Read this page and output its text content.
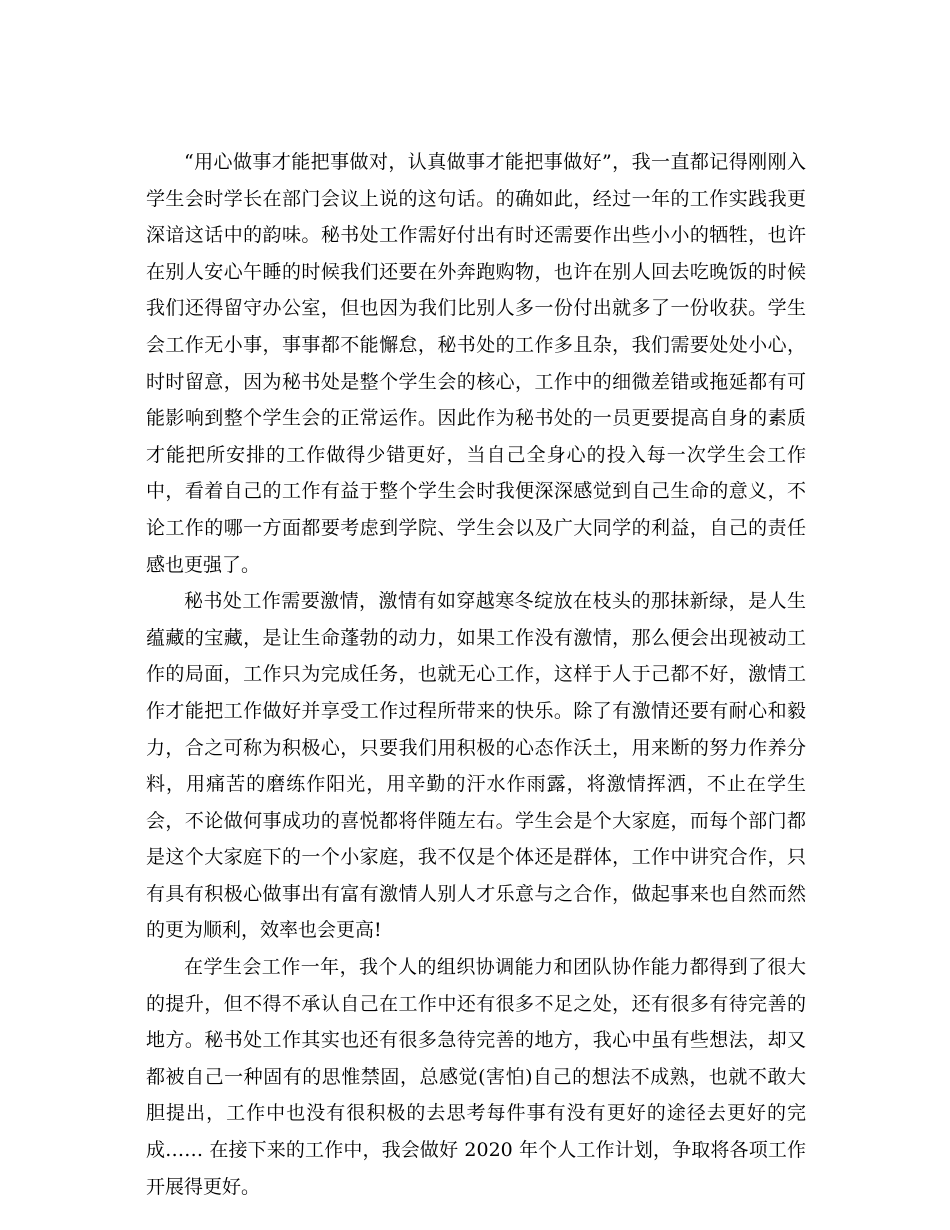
“用心做事才能把事做对，认真做事才能把事做好”，我一直都记得刚刚入学生会时学长在部门会议上说的这句话。的确如此，经过一年的工作实践我更深谙这话中的韵味。秘书处工作需好付出有时还需要作出些小小的牺牲，也许在别人安心午睡的时候我们还要在外奔跑购物，也许在别人回去吃晚饭的时候我们还得留守办公室，但也因为我们比别人多一份付出就多了一份收获。学生会工作无小事，事事都不能懈怠，秘书处的工作多且杂，我们需要处处小心，时时留意，因为秘书处是整个学生会的核心，工作中的细微差错或拖延都有可能影响到整个学生会的正常运作。因此作为秘书处的一员更要提高自身的素质才能把所安排的工作做得少错更好，当自己全身心的投入每一次学生会工作中，看着自己的工作有益于整个学生会时我便深深感觉到自己生命的意义，不论工作的哪一方面都要考虑到学院、学生会以及广大同学的利益，自己的责任感也更强了。

秘书处工作需要激情，激情有如穿越寒冬绽放在枝头的那抹新绿，是人生蕴藏的宝藏，是让生命蓬勃的动力，如果工作没有激情，那么便会出现被动工作的局面，工作只为完成任务，也就无心工作，这样于人于己都不好，激情工作才能把工作做好并享受工作过程所带来的快乐。除了有激情还要有耐心和毅力，合之可称为积极心，只要我们用积极的心态作沃土，用来断的努力作养分料，用痛苦的磨练作阳光，用辛勤的汗水作雨露，将激情挥洒，不止在学生会，不论做何事成功的喜悦都将伴随左右。学生会是个大家庭，而每个部门都是这个大家庭下的一个小家庭，我不仅是个体还是群体，工作中讲究合作，只有具有积极心做事出有富有激情人别人才乐意与之合作，做起事来也自然而然的更为顺利，效率也会更高!

在学生会工作一年，我个人的组织协调能力和团队协作能力都得到了很大的提升，但不得不承认自己在工作中还有很多不足之处，还有很多有待完善的地方。秘书处工作其实也还有很多急待完善的地方，我心中虽有些想法，却又都被自己一种固有的思惟禁固，总感觉(害怕)自己的想法不成熟，也就不敢大胆提出，工作中也没有很积极的去思考每件事有没有更好的途径去更好的完成…… 在接下来的工作中，我会做好 2020 年个人工作计划，争取将各项工作开展得更好。
